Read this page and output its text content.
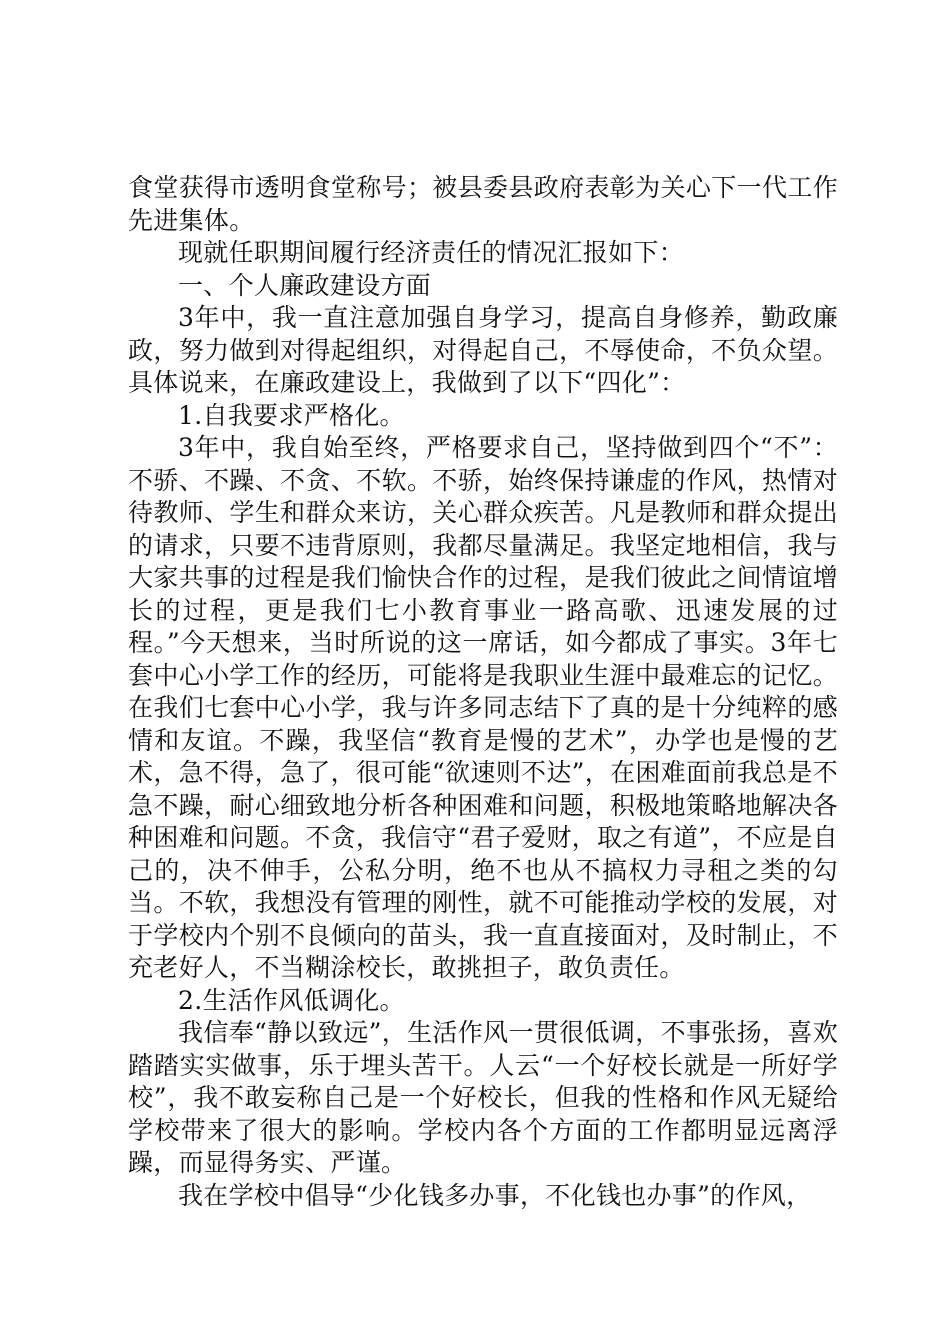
食堂获得市透明食堂称号；被县委县政府表彰为关心下一代工作先进集体。

现就任职期间履行经济责任的情况汇报如下：

一、个人廉政建设方面

3年中，我一直注意加强自身学习，提高自身修养，勤政廉政，努力做到对得起组织，对得起自己，不辱使命，不负众望。具体说来，在廉政建设上，我做到了以下“四化”：

1.自我要求严格化。

3年中，我自始至终，严格要求自己，坚持做到四个“不”：不骄、不躁、不贪、不软。不骄，始终保持谦虚的作风，热情对待教师、学生和群众来访，关心群众疾苦。凡是教师和群众提出的请求，只要不违背原则，我都尽量满足。我坚定地相信，我与大家共事的过程是我们愉快合作的过程，是我们彼此之间情谊增长的过程，更是我们七小教育事业一路高歌、迅速发展的过程。”今天想来，当时所说的这一席话，如今都成了事实。3年七套中心小学工作的经历，可能将是我职业生涯中最难忘的记忆。在我们七套中心小学，我与许多同志结下了真的是十分纯粹的感情和友谊。不躁，我坚信“教育是慢的艺术”，办学也是慢的艺术，急不得，急了，很可能“欲速则不达”，在困难面前我总是不急不躁，耐心细致地分析各种困难和问题，积极地策略地解决各种困难和问题。不贪，我信守“君子爱财，取之有道”，不应是自己的，决不伸手，公私分明，绝不也从不搞权力寻租之类的勾当。不软，我想没有管理的刚性，就不可能推动学校的发展，对于学校内个别不良倾向的苗头，我一直直接面对，及时制止，不充老好人，不当糊涂校长，敢挑担子，敢负责任。

2.生活作风低调化。

我信奉“静以致远”，生活作风一贯很低调，不事张扬，喜欢踏踏实实做事，乐于埋头苦干。人云“一个好校长就是一所好学校”，我不敢妄称自己是一个好校长，但我的性格和作风无疑给学校带来了很大的影响。学校内各个方面的工作都明显远离浮躁，而显得务实、严谨。

我在学校中倡导“少化钱多办事，不化钱也办事”的作风，
